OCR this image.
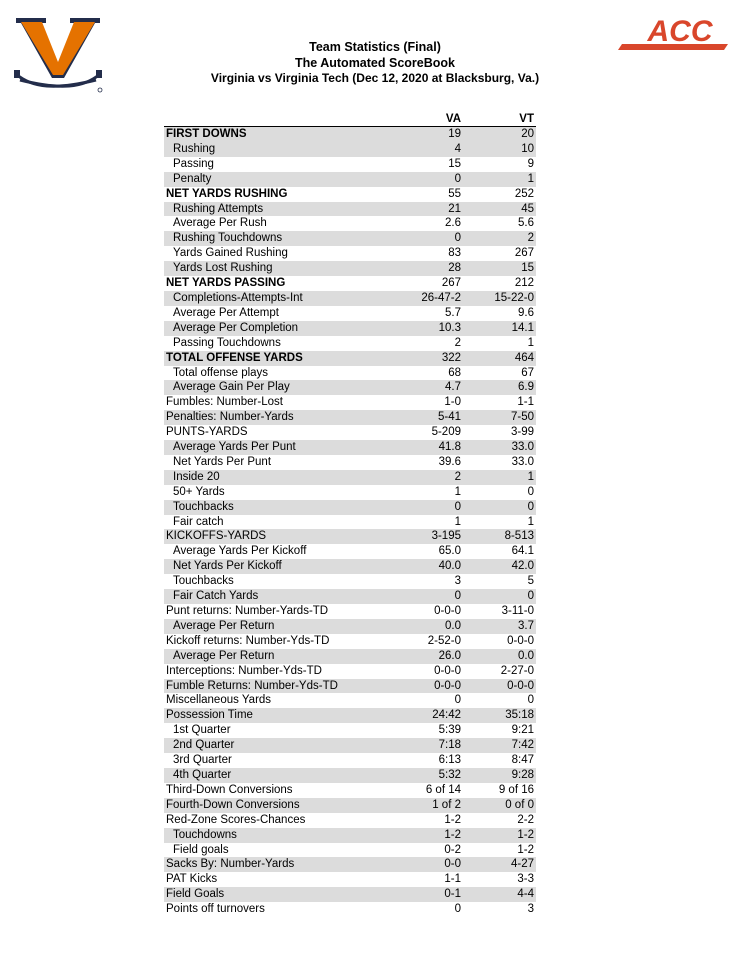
ACC
Team Statistics (Final)
The Automated ScoreBook
Virginia vs Virginia Tech (Dec 12, 2020 at Blacksburg, Va.)
	VA	VT
FIRST DOWNS	19	20
Rushing	4	10
Passing	15	9
Penalty	0	1
NET YARDS RUSHING	55	252
Rushing Attempts	21	45
Average Per Rush	2.6	5.6
Rushing Touchdowns	0	2
Yards Gained Rushing	83	267
Yards Lost Rushing	28	15
NET YARDS PASSING	267	212
Completions-Attempts-Int	26-47-2	15-22-0
Average Per Attempt	5.7	9.6
Average Per Completion	10.3	14.1
Passing Touchdowns	2	1
TOTAL OFFENSE YARDS	322	464
Total offense plays	68	67
Average Gain Per Play	4.7	6.9
Fumbles: Number-Lost	1-0	1-1
Penalties: Number-Yards	5-41	7-50
PUNTS-YARDS	5-209	3-99
Average Yards Per Punt	41.8	33.0
Net Yards Per Punt	39.6	33.0
Inside 20	2	1
50+ Yards	1	0
Touchbacks	0	0
Fair catch	1	1
KICKOFFS-YARDS	3-195	8-513
Average Yards Per Kickoff	65.0	64.1
Net Yards Per Kickoff	40.0	42.0
Touchbacks	3	5
Fair Catch Yards	0	0
Punt returns: Number-Yards-TD	0-0-0	3-11-0
Average Per Return	0.0	3.7
Kickoff returns: Number-Yds-TD	2-52-0	0-0-0
Average Per Return	26.0	0.0
Interceptions: Number-Yds-TD	0-0-0	2-27-0
Fumble Returns: Number-Yds-TD	0-0-0	0-0-0
Miscellaneous Yards	0	0
Possession Time	24:42	35:18
1st Quarter	5:39	9:21
2nd Quarter	7:18	7:42
3rd Quarter	6:13	8:47
4th Quarter	5:32	9:28
Third-Down Conversions	6 of 14	9 of 16
Fourth-Down Conversions	1 of 2	0 of 0
Red-Zone Scores-Chances	1-2	2-2
Touchdowns	1-2	1-2
Field goals	0-2	1-2
Sacks By: Number-Yards	0-0	4-27
PAT Kicks	1-1	3-3
Field Goals	0-1	4-4
Points off turnovers	0	3
